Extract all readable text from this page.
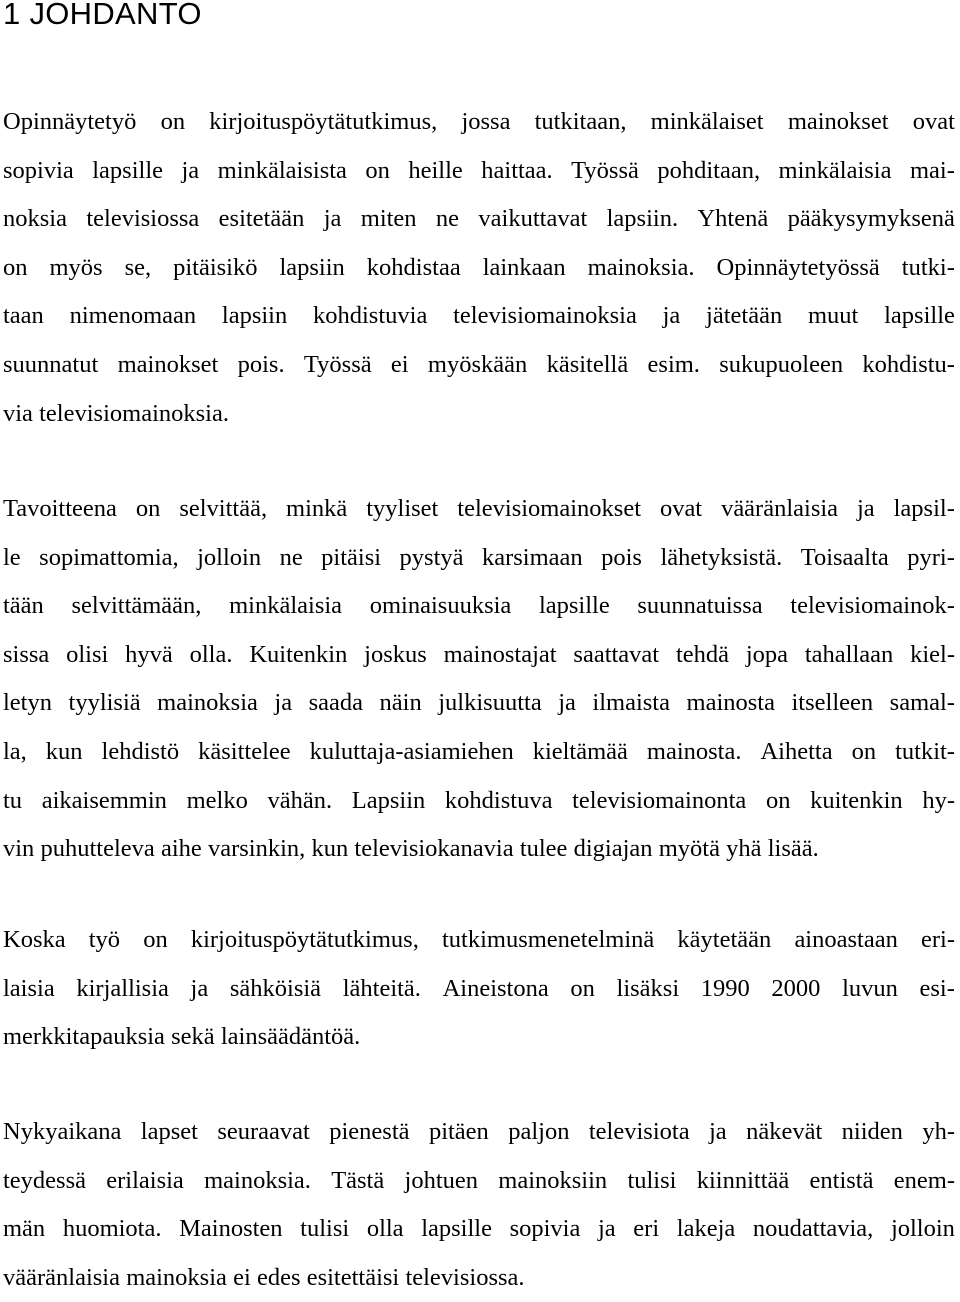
1 JOHDANTO
Opinnäytetyö on kirjoituspöytätutkimus, jossa tutkitaan, minkälaiset mainokset ovat
sopivia lapsille ja minkälaisista on heille haittaa. Työssä pohditaan, minkälaisia mai-
noksia televisiossa esitetään ja miten ne vaikuttavat lapsiin. Yhtenä pääkysymyksenä
on myös se, pitäisikö lapsiin kohdistaa lainkaan mainoksia. Opinnäytetyössä tutki-
taan nimenomaan lapsiin kohdistuvia televisiomainoksia ja jätetään muut lapsille
suunnatut mainokset pois. Työssä ei myöskään käsitellä esim. sukupuoleen kohdistu-
via televisiomainoksia.
Tavoitteena on selvittää, minkä tyyliset televisiomainokset ovat vääränlaisia ja lapsil-
le sopimattomia, jolloin ne pitäisi pystyä karsimaan pois lähetyksistä. Toisaalta pyri-
tään selvittämään, minkälaisia ominaisuuksia lapsille suunnatuissa televisiomainok-
sissa olisi hyvä olla. Kuitenkin joskus mainostajat saattavat tehdä jopa tahallaan kiel-
letyn tyylisiä mainoksia ja saada näin julkisuutta ja ilmaista mainosta itselleen samal-
la, kun lehdistö käsittelee kuluttaja-asiamiehen kieltämää mainosta. Aihetta on tutkit-
tu aikaisemmin melko vähän. Lapsiin kohdistuva televisiomainonta on kuitenkin hy-
vin puhutteleva aihe varsinkin, kun televisiokanavia tulee digiajan myötä yhä lisää.
Koska työ on kirjoituspöytätutkimus, tutkimusmenetelminä käytetään ainoastaan eri-
laisia kirjallisia ja sähköisiä lähteitä. Aineistona on lisäksi 1990 2000 luvun esi-
merkkitapauksia sekä lainsäädäntöä.
Nykyaikana lapset seuraavat pienestä pitäen paljon televisiota ja näkevät niiden yh-
teydessä erilaisia mainoksia. Tästä johtuen mainoksiin tulisi kiinnittää entistä enem-
män huomiota. Mainosten tulisi olla lapsille sopivia ja eri lakeja noudattavia, jolloin
vääränlaisia mainoksia ei edes esitettäisi televisiossa.
